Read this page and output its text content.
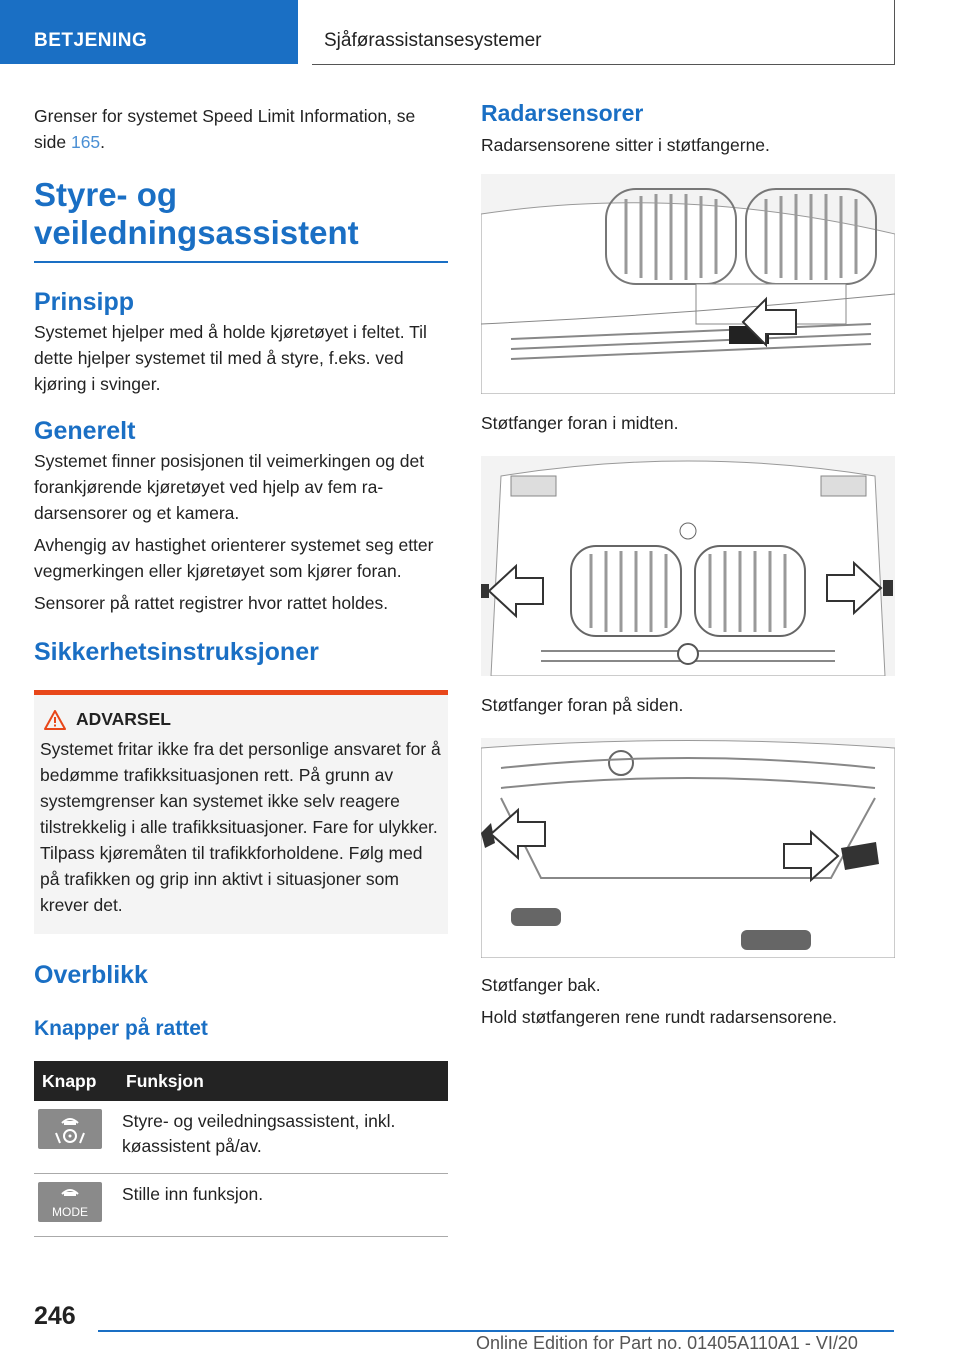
BETJENING	Sjåførassistansesystemer

Grenser for systemet Speed Limit Information, se side 165.

Styre- og veiledningsassistent
Prinsipp

Systemet hjelper med å holde kjøretøyet i feltet. Til dette hjelper systemet til med å styre, f.eks. ved kjøring i svinger.

Generelt

Systemet finner posisjonen til veimerkingen og det forankjørende kjøretøyet ved hjelp av fem radarsensorer og et kamera.

Avhengig av hastighet orienterer systemet seg etter vegmerkingen eller kjøretøyet som kjører foran.

Sensorer på rattet registrer hvor rattet holdes.

Sikkerhetsinstruksjoner
ADVARSEL

Systemet fritar ikke fra det personlige ansvaret for å bedømme trafikksituasjonen rett. På grunn av systemgrenser kan systemet ikke selv reagere tilstrekkelig i alle trafikksituasjoner. Fare for ulykker. Tilpass kjøremåten til trafikkforholdene. Følg med på trafikken og grip inn aktivt i situasjoner som krever det.

Overblikk
Knapper på rattet
Knapp	Funksjon

	Styre- og veiledningsassistent, inkl. køassistent på/av.

MODE	Stille inn funksjon.
Radarsensorer

Radarsensorene sitter i støtfangerne.

Støtfanger foran i midten.

Støtfanger foran på siden.

Støtfanger bak.

Hold støtfangeren rene rundt radarsensorene.

246
Online Edition for Part no. 01405A110A1 - VI/20
